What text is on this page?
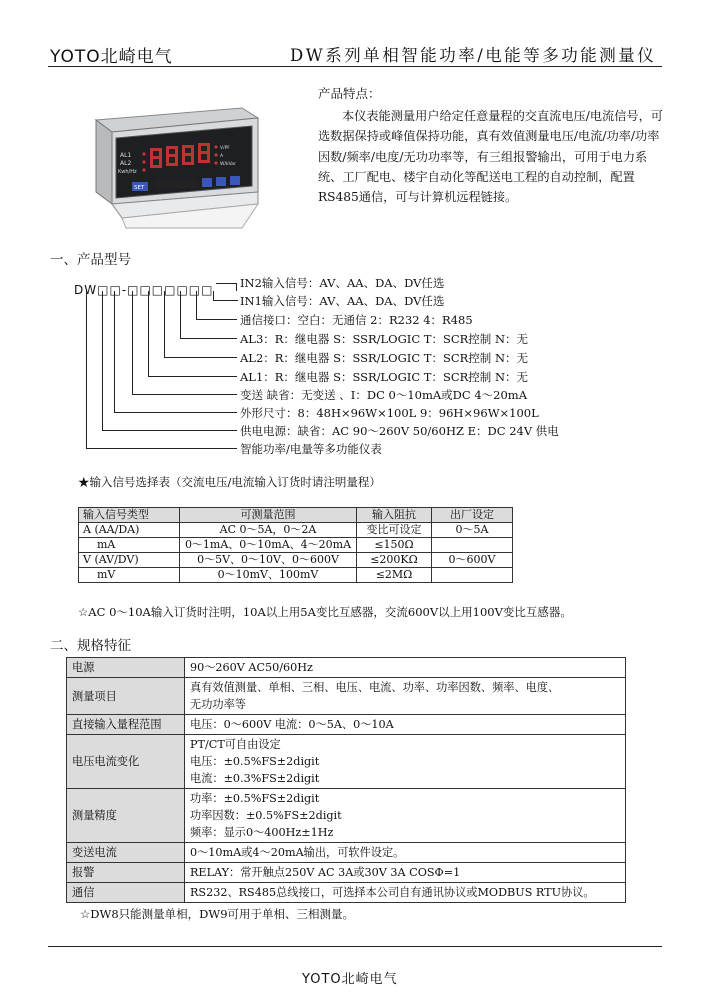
YOTO北崎电气	DW系列单相智能功率/电能等多功能测量仪
AL1
AL2
Kwh/Hz
V/PF
A
W/kVar
SET
产品特点：
本仪表能测量用户给定任意量程的交直流电压/电流信号，可选数据保持或峰值保持功能，真有效值测量电压/电流/功率/功率因数/频率/电度/无功功率等，有三组报警输出，可用于电力系统、工厂配电、楼宇自动化等配送电工程的自动控制，配置RS485通信，可与计算机远程链接。
一、产品型号
DW□□-□□□□□□□ IN2输入信号：AV、AA、DA、DV任选
IN1输入信号：AV、AA、DA、DV任选
通信接口：空白：无通信 2：R232 4：R485
AL3：R：继电器 S：SSR/LOGIC T：SCR控制 N：无
AL2：R：继电器 S：SSR/LOGIC T：SCR控制 N：无
AL1：R：继电器 S：SSR/LOGIC T：SCR控制 N：无
变送 缺省：无变送 、I：DC 0～10mA或DC 4～20mA
外形尺寸：8：48H×96W×100L 9：96H×96W×100L
供电电源：缺省：AC 90～260V 50/60HZ E：DC 24V 供电
智能功率/电量等多功能仪表
★输入信号选择表（交流电压/电流输入订货时请注明量程）
输入信号类型	可测量范围	输入阻抗	出厂设定
A (AA/DA)	AC 0～5A，0～2A	变比可设定	0～5A
mA	0～1mA、0～10mA、4～20mA	≤150Ω	
V (AV/DV)	0～5V、0～10V、0～600V	≤200KΩ	0～600V
mV	0～10mV、100mV	≤2MΩ	
☆AC 0～10A输入订货时注明，10A以上用5A变比互感器，交流600V以上用100V变比互感器。
二、规格特征
电源	90～260V AC50/60Hz

测量项目	真有效值测量、单相、三相、电压、电流、功率、功率因数、频率、电度、
无功功率等

直接输入量程范围	电压：0～600V 电流：0～5A、0～10A

电压电流变化	PT/CT可自由设定
电压：±0.5%FS±2digit
电流：±0.3%FS±2digit

测量精度	功率：±0.5%FS±2digit
功率因数：±0.5%FS±2digit
频率：显示0～400Hz±1Hz

变送电流	0～10mA或4～20mA输出，可软件设定。

报警	RELAY：常开触点250V AC 3A或30V 3A COSΦ=1

通信	RS232、RS485总线接口，可选择本公司自有通讯协议或MODBUS RTU协议。
☆DW8只能测量单相，DW9可用于单相、三相测量。
YOTO北崎电气
